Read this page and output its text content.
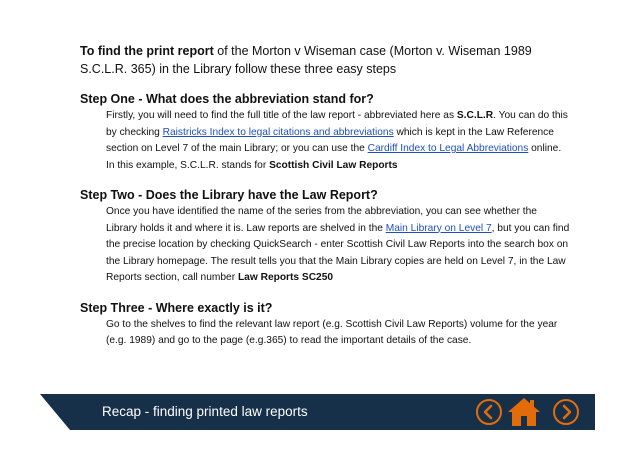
To find the print report of the Morton v Wiseman case (Morton v. Wiseman 1989 S.C.L.R. 365) in the Library follow these three easy steps

Step One - What does the abbreviation stand for?

Firstly, you will need to find the full title of the law report - abbreviated here as S.C.L.R. You can do this by checking Raistricks Index to legal citations and abbreviations which is kept in the Law Reference section on Level 7 of the main Library; or you can use the Cardiff Index to Legal Abbreviations online. In this example, S.C.L.R. stands for Scottish Civil Law Reports

Step Two - Does the Library have the Law Report?

Once you have identified the name of the series from the abbreviation, you can see whether the Library holds it and where it is. Law reports are shelved in the Main Library on Level 7, but you can find the precise location by checking QuickSearch - enter Scottish Civil Law Reports into the search box on the Library homepage. The result tells you that the Main Library copies are held on Level 7, in the Law Reports section, call number Law Reports SC250

Step Three - Where exactly is it?

Go to the shelves to find the relevant law report (e.g. Scottish Civil Law Reports) volume for the year (e.g. 1989) and go to the page (e.g.365) to read the important details of the case.

Recap - finding printed law reports
